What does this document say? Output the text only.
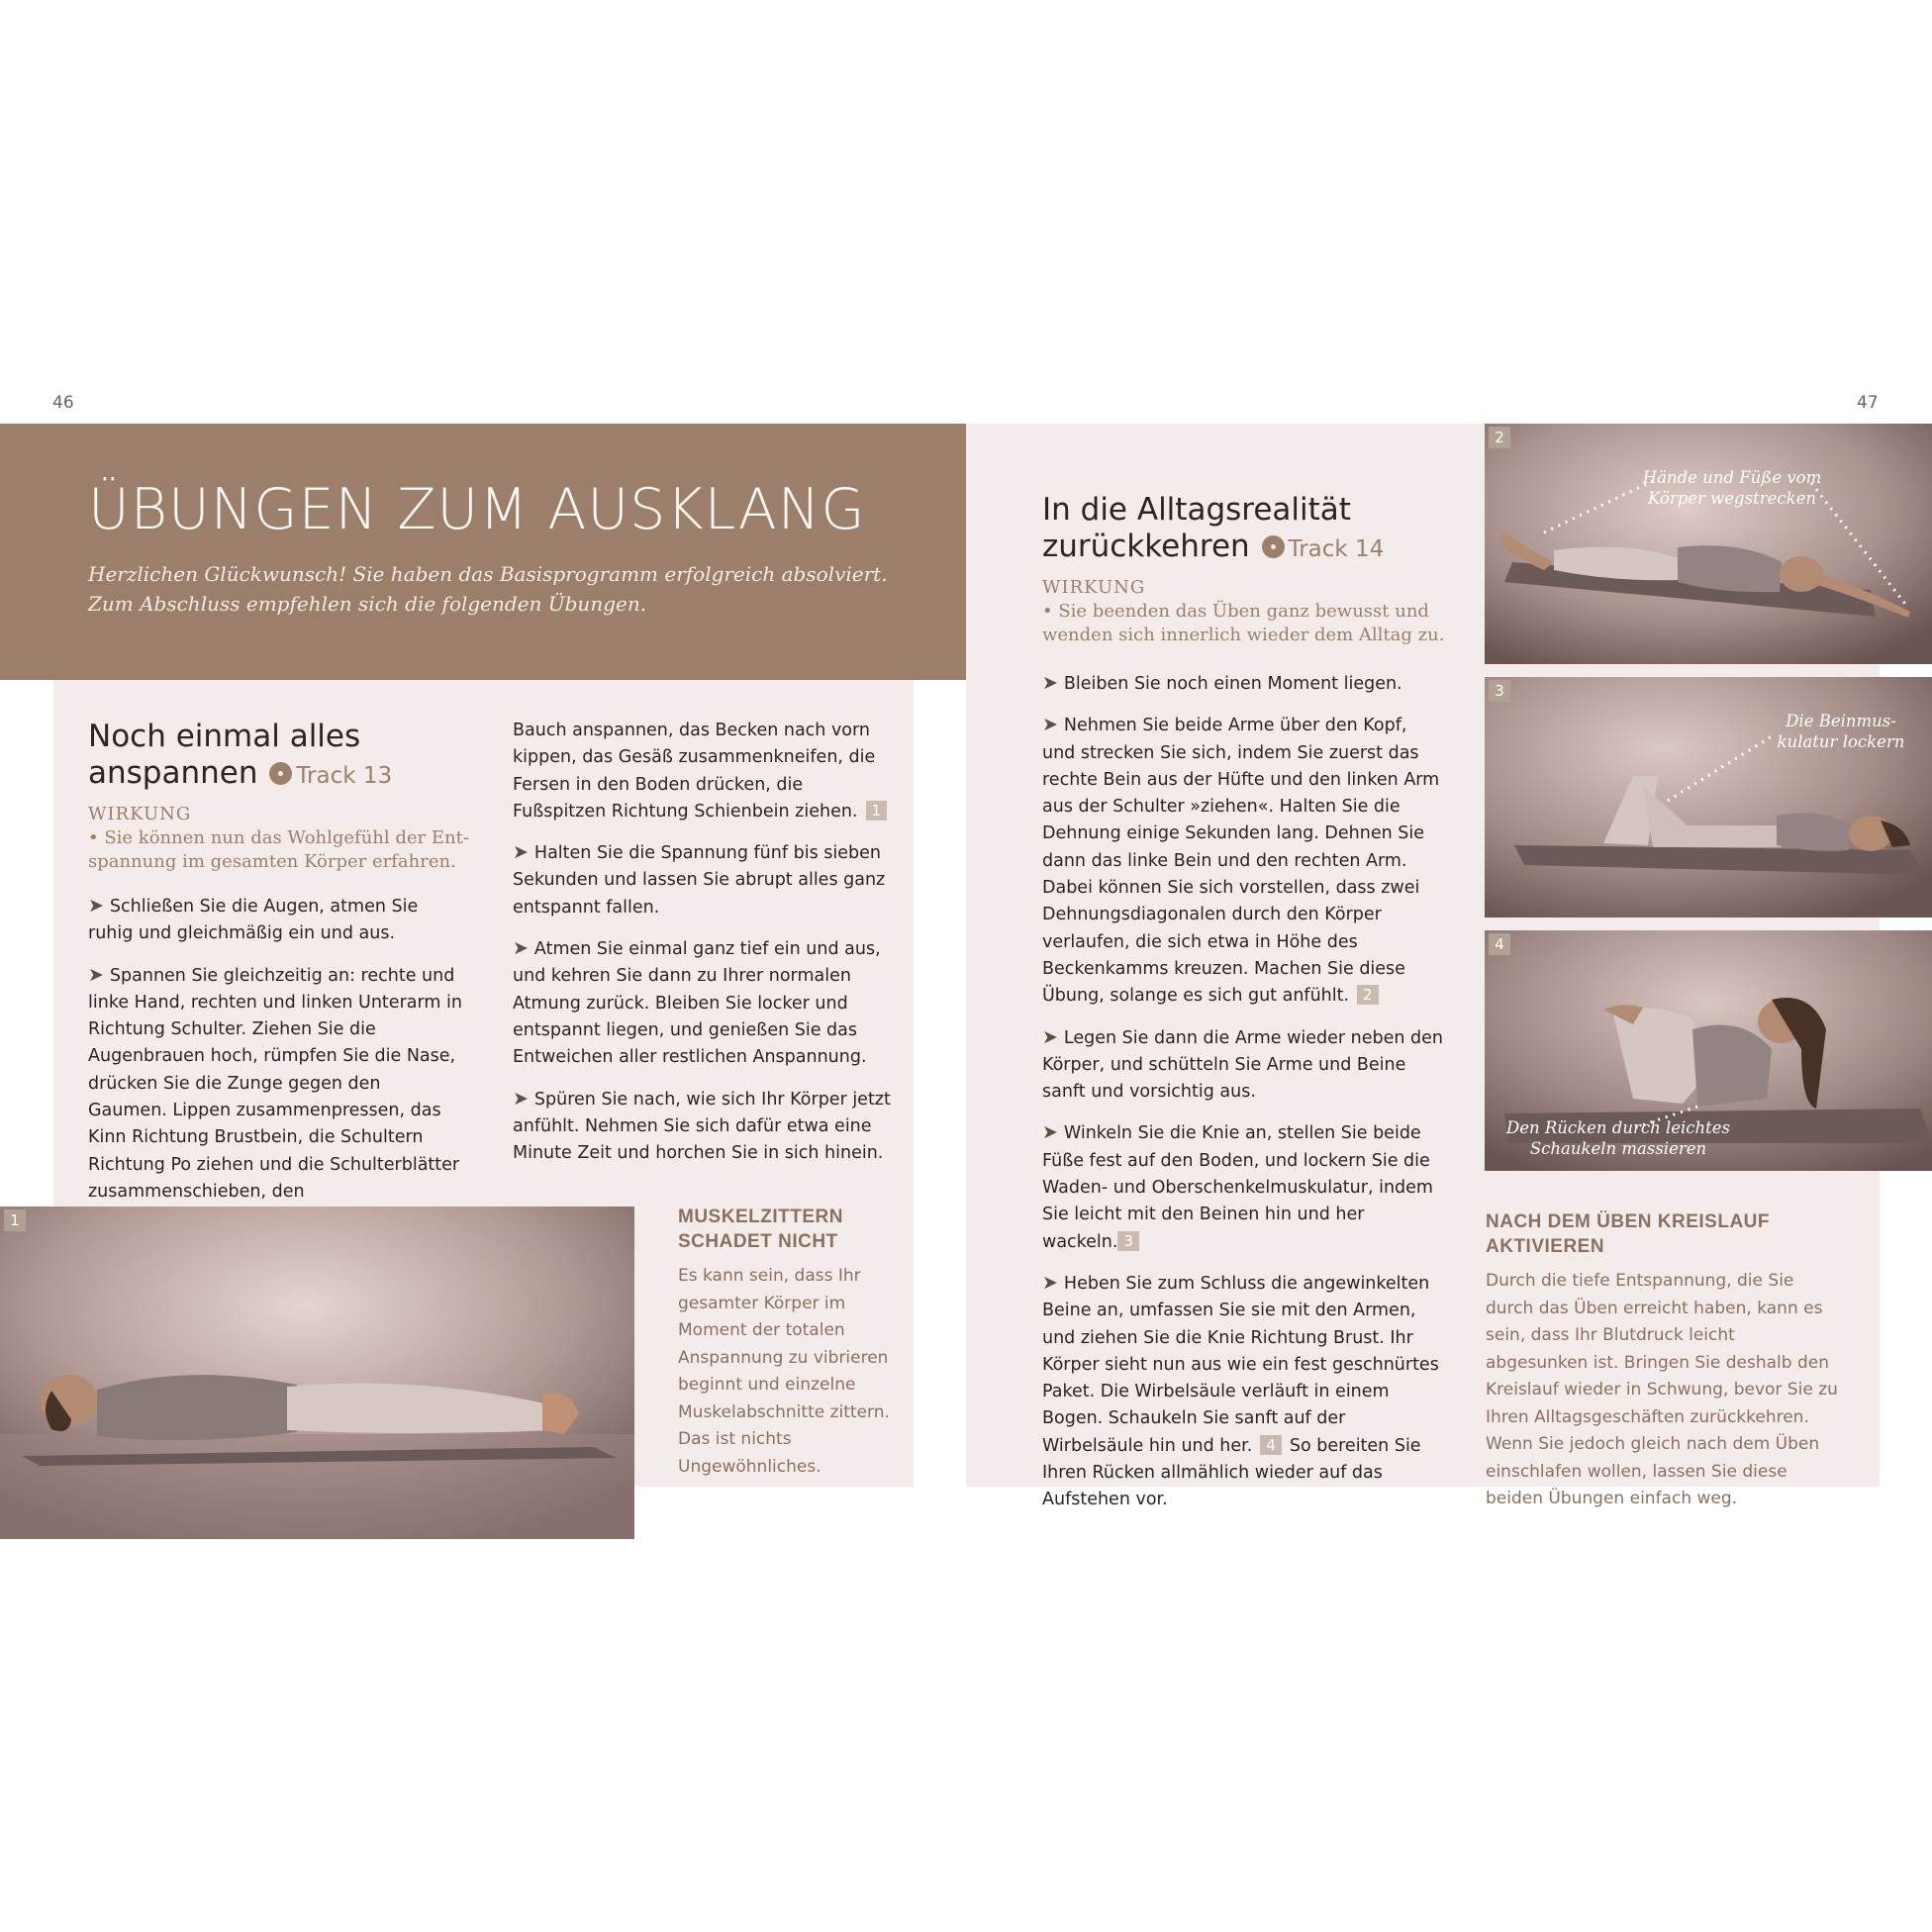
46	47
ÜBUNGEN ZUM AUSKLANG
Herzlichen Glückwunsch! Sie haben das Basisprogramm erfolgreich absolviert.
Zum Abschluss empfehlen sich die folgenden Übungen.
Noch einmal alles
anspannen Track 13
WIRKUNG
• Sie können nun das Wohlgefühl der Ent-
spannung im gesamten Körper erfahren.

➤ Schließen Sie die Augen, atmen Sie ruhig und gleichmäßig ein und aus.

➤ Spannen Sie gleichzeitig an: rechte und linke Hand, rechten und linken Unterarm in Richtung Schulter. Ziehen Sie die Augenbrauen hoch, rümpfen Sie die Nase, drücken Sie die Zunge gegen den Gaumen. Lippen zusammenpressen, das Kinn Richtung Brustbein, die Schultern Richtung Po ziehen und die Schulterblätter zusammenschieben, den

Bauch anspannen, das Becken nach vorn kippen, das Gesäß zusammenkneifen, die Fersen in den Boden drücken, die Fußspitzen Richtung Schienbein ziehen. 1

➤ Halten Sie die Spannung fünf bis sieben Sekunden und lassen Sie abrupt alles ganz entspannt fallen.

➤ Atmen Sie einmal ganz tief ein und aus, und kehren Sie dann zu Ihrer normalen Atmung zurück. Bleiben Sie locker und entspannt liegen, und genießen Sie das Entweichen aller restlichen Anspannung.

➤ Spüren Sie nach, wie sich Ihr Körper jetzt anfühlt. Nehmen Sie sich dafür etwa eine Minute Zeit und horchen Sie in sich hinein.

1	MUSKELZITTERN
SCHADET NICHT
Es kann sein, dass Ihr gesamter Körper im Moment der totalen Anspannung zu vibrieren beginnt und einzelne Muskelabschnitte zittern. Das ist nichts Ungewöhnliches.
In die Alltagsrealität
zurückkehren Track 14
WIRKUNG
• Sie beenden das Üben ganz bewusst und
wenden sich innerlich wieder dem Alltag zu.

➤ Bleiben Sie noch einen Moment liegen.

➤ Nehmen Sie beide Arme über den Kopf, und strecken Sie sich, indem Sie zuerst das rechte Bein aus der Hüfte und den linken Arm aus der Schulter »ziehen«. Halten Sie die Dehnung einige Sekunden lang. Dehnen Sie dann das linke Bein und den rechten Arm. Dabei können Sie sich vorstellen, dass zwei Dehnungsdiagonalen durch den Körper verlaufen, die sich etwa in Höhe des Beckenkamms kreuzen. Machen Sie diese Übung, solange es sich gut anfühlt. 2

➤ Legen Sie dann die Arme wieder neben den Körper, und schütteln Sie Arme und Beine sanft und vorsichtig aus.

➤ Winkeln Sie die Knie an, stellen Sie beide Füße fest auf den Boden, und lockern Sie die Waden- und Oberschenkelmuskulatur, indem Sie leicht mit den Beinen hin und her wackeln. 3

➤ Heben Sie zum Schluss die angewinkelten Beine an, umfassen Sie sie mit den Armen, und ziehen Sie die Knie Richtung Brust. Ihr Körper sieht nun aus wie ein fest geschnürtes Paket. Die Wirbelsäule verläuft in einem Bogen. Schaukeln Sie sanft auf der Wirbelsäule hin und her. 4 So bereiten Sie Ihren Rücken allmählich wieder auf das Aufstehen vor.

2
Hände und Füße vom
Körper wegstrecken
3
Die Beinmus-
kulatur lockern
4
Den Rücken durch leichtes
Schaukeln massieren
NACH DEM ÜBEN KREISLAUF AKTIVIEREN
Durch die tiefe Entspannung, die Sie durch das Üben erreicht haben, kann es sein, dass Ihr Blutdruck leicht abgesunken ist. Bringen Sie deshalb den Kreislauf wieder in Schwung, bevor Sie zu Ihren Alltagsgeschäften zurückkehren. Wenn Sie jedoch gleich nach dem Üben einschlafen wollen, lassen Sie diese beiden Übungen einfach weg.
